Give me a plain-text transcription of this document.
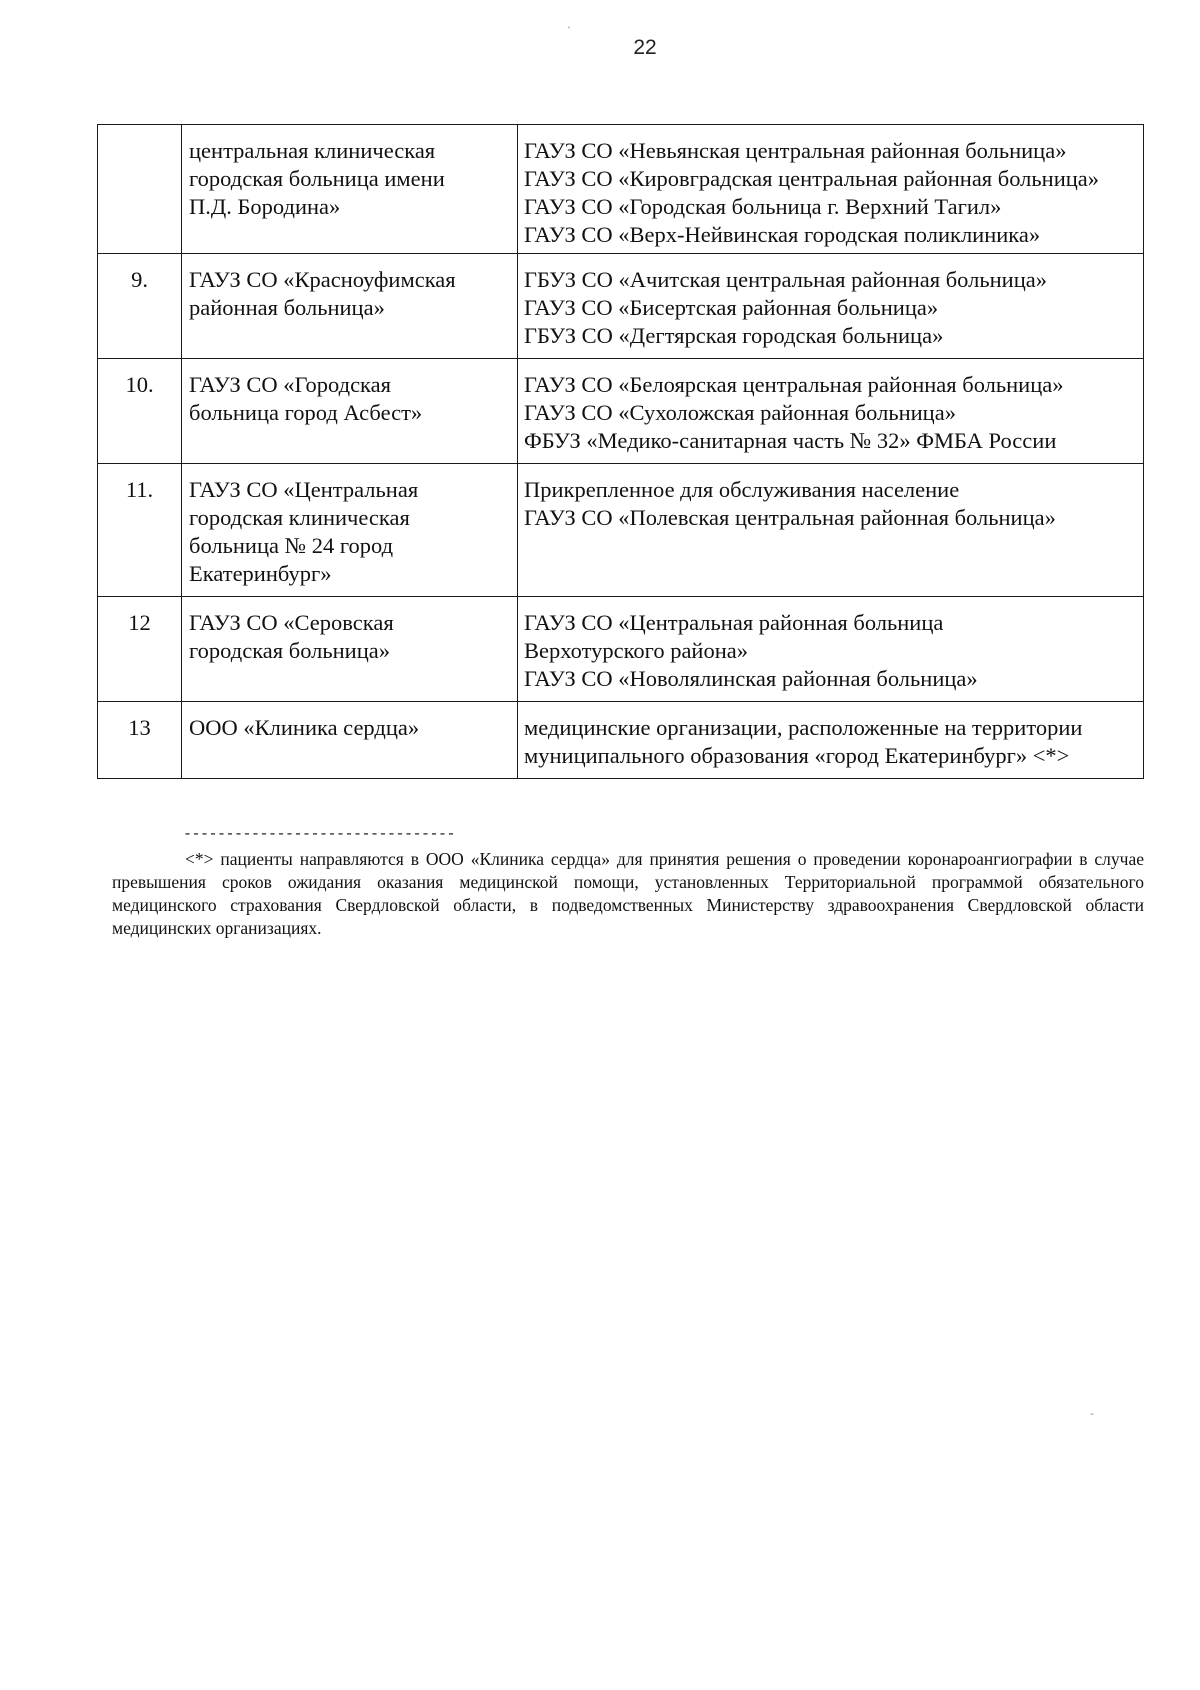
22
`
-

	центральная клиническая
городская больница имени
П.Д. Бородина»	ГАУЗ СО «Невьянская центральная районная больница»
ГАУЗ СО «Кировградская центральная районная больница»
ГАУЗ СО «Городская больница г. Верхний Тагил»
ГАУЗ СО «Верх-Нейвинская городская поликлиника»

9.	ГАУЗ СО «Красноуфимская
районная больница»	ГБУЗ СО «Ачитская центральная районная больница»
ГАУЗ СО «Бисертская районная больница»
ГБУЗ СО «Дегтярская городская больница»

10.	ГАУЗ СО «Городская
больница город Асбест»	ГАУЗ СО «Белоярская центральная районная больница»
ГАУЗ СО «Сухоложская районная больница»
ФБУЗ «Медико-санитарная часть № 32» ФМБА России

11.	ГАУЗ СО «Центральная
городская клиническая
больница № 24 город
Екатеринбург»	Прикрепленное для обслуживания население
ГАУЗ СО «Полевская центральная районная больница»

12	ГАУЗ СО «Серовская
городская больница»	ГАУЗ СО «Центральная районная больница
Верхотурского района»
ГАУЗ СО «Новолялинская районная больница»

13	ООО «Клиника сердца»	медицинские организации, расположенные на территории
муниципального образования «город Екатеринбург» <*>
--------------------------------
<*> пациенты направляются в ООО «Клиника сердца» для принятия решения о проведении коронароангиографии в случае превышения сроков ожидания оказания медицинской помощи, установленных Территориальной программой обязательного медицинского страхования Свердловской области, в подведомственных Министерству здравоохранения Свердловской области медицинских организациях.
